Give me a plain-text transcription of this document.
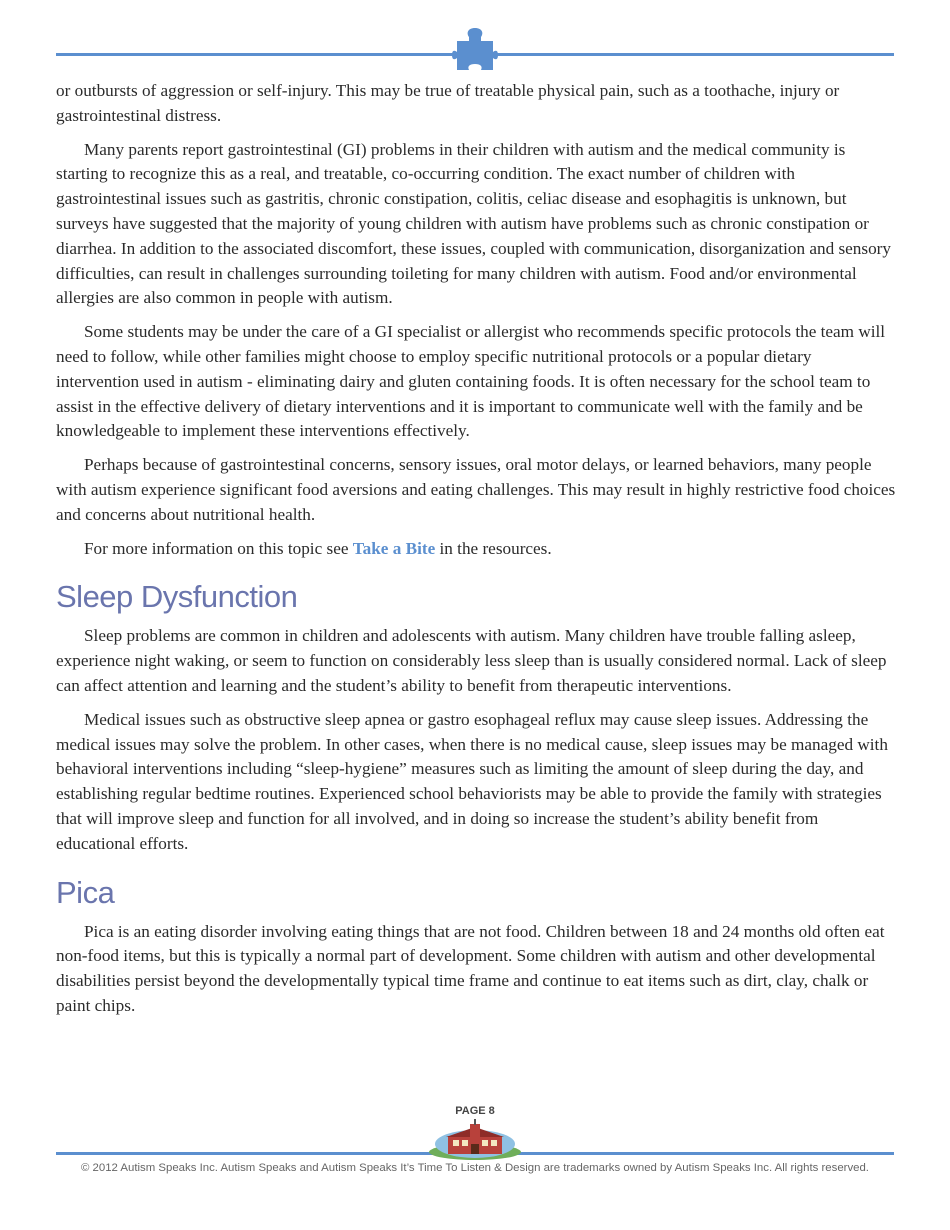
or outbursts of aggression or self-injury. This may be true of treatable physical pain, such as a toothache, injury or gastrointestinal distress.

Many parents report gastrointestinal (GI) problems in their children with autism and the medical community is starting to recognize this as a real, and treatable, co-occurring condition. The exact number of children with gastrointestinal issues such as gastritis, chronic constipation, colitis, celiac disease and esophagitis is unknown, but surveys have suggested that the majority of young children with autism have problems such as chronic constipation or diarrhea. In addition to the associated discomfort, these issues, coupled with communication, disorganization and sensory difficulties, can result in challenges surrounding toileting for many children with autism. Food and/or environmental allergies are also common in people with autism.

Some students may be under the care of a GI specialist or allergist who recommends specific protocols the team will need to follow, while other families might choose to employ specific nutritional protocols or a popular dietary intervention used in autism - eliminating dairy and gluten containing foods. It is often necessary for the school team to assist in the effective delivery of dietary interventions and it is important to communicate well with the family and be knowledgeable to implement these interventions effectively.

Perhaps because of gastrointestinal concerns, sensory issues, oral motor delays, or learned behaviors, many people with autism experience significant food aversions and eating challenges. This may result in highly restrictive food choices and concerns about nutritional health.

For more information on this topic see Take a Bite in the resources.

Sleep Dysfunction

Sleep problems are common in children and adolescents with autism. Many children have trouble falling asleep, experience night waking, or seem to function on considerably less sleep than is usually considered normal. Lack of sleep can affect attention and learning and the student’s ability to benefit from therapeutic interventions.

Medical issues such as obstructive sleep apnea or gastro esophageal reflux may cause sleep issues. Addressing the medical issues may solve the problem. In other cases, when there is no medical cause, sleep issues may be managed with behavioral interventions including “sleep-hygiene” measures such as limiting the amount of sleep during the day, and establishing regular bedtime routines. Experienced school behaviorists may be able to provide the family with strategies that will improve sleep and function for all involved, and in doing so increase the student’s ability benefit from educational efforts.

Pica

Pica is an eating disorder involving eating things that are not food. Children between 18 and 24 months old often eat non-food items, but this is typically a normal part of development. Some children with autism and other developmental disabilities persist beyond the developmentally typical time frame and continue to eat items such as dirt, clay, chalk or paint chips.

PAGE 8
© 2012 Autism Speaks Inc. Autism Speaks and Autism Speaks It’s Time To Listen & Design are trademarks owned by Autism Speaks Inc. All rights reserved.
